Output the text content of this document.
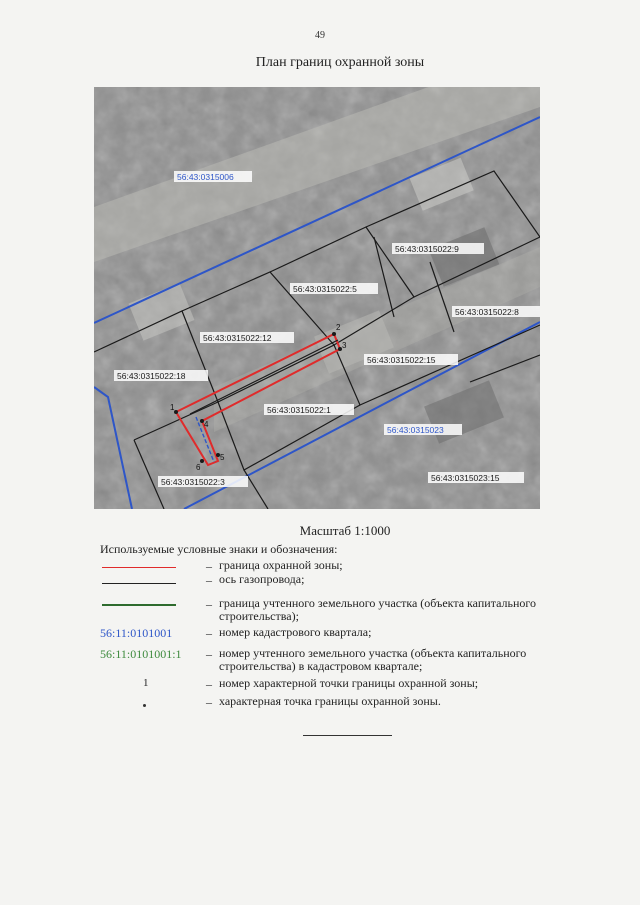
49
План границ охранной зоны
1
2
3
4
5
6
56:43:0315006
56:43:0315023
56:43:0315022:9
56:43:0315022:5
56:43:0315022:8
56:43:0315022:12
56:43:0315022:15
56:43:0315022:18
56:43:0315022:1
56:43:0315022:3	56:43:0315023:15
Масштаб 1:1000
Используемые условные знаки и обозначения:
– граница охранной зоны;
– ось газопровода;
– граница учтенного земельного участка (объекта капитального строительства);
56:11:0101001	– номер кадастрового квартала;
56:11:0101001:1	– номер учтенного земельного участка (объекта капитального строительства) в кадастровом квартале;
1	– номер характерной точки границы охранной зоны;
– характерная точка границы охранной зоны.
